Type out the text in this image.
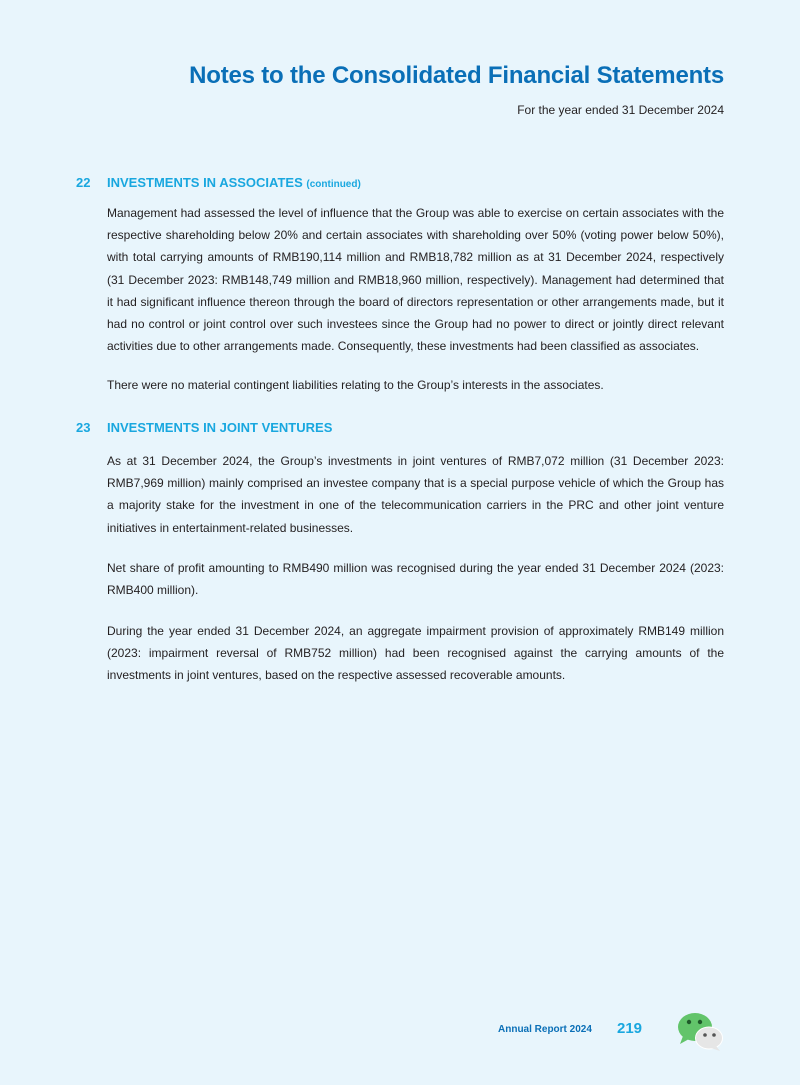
Notes to the Consolidated Financial Statements
For the year ended 31 December 2024
22 INVESTMENTS IN ASSOCIATES (continued)

Management had assessed the level of influence that the Group was able to exercise on certain associates with the respective shareholding below 20% and certain associates with shareholding over 50% (voting power below 50%), with total carrying amounts of RMB190,114 million and RMB18,782 million as at 31 December 2024, respectively (31 December 2023: RMB148,749 million and RMB18,960 million, respectively). Management had determined that it had significant influence thereon through the board of directors representation or other arrangements made, but it had no control or joint control over such investees since the Group had no power to direct or jointly direct relevant activities due to other arrangements made. Consequently, these investments had been classified as associates.

There were no material contingent liabilities relating to the Group’s interests in the associates.

23 INVESTMENTS IN JOINT VENTURES

As at 31 December 2024, the Group’s investments in joint ventures of RMB7,072 million (31 December 2023: RMB7,969 million) mainly comprised an investee company that is a special purpose vehicle of which the Group has a majority stake for the investment in one of the telecommunication carriers in the PRC and other joint venture initiatives in entertainment-related businesses.

Net share of profit amounting to RMB490 million was recognised during the year ended 31 December 2024 (2023: RMB400 million).

During the year ended 31 December 2024, an aggregate impairment provision of approximately RMB149 million (2023: impairment reversal of RMB752 million) had been recognised against the carrying amounts of the investments in joint ventures, based on the respective assessed recoverable amounts.

Annual Report 2024 219
